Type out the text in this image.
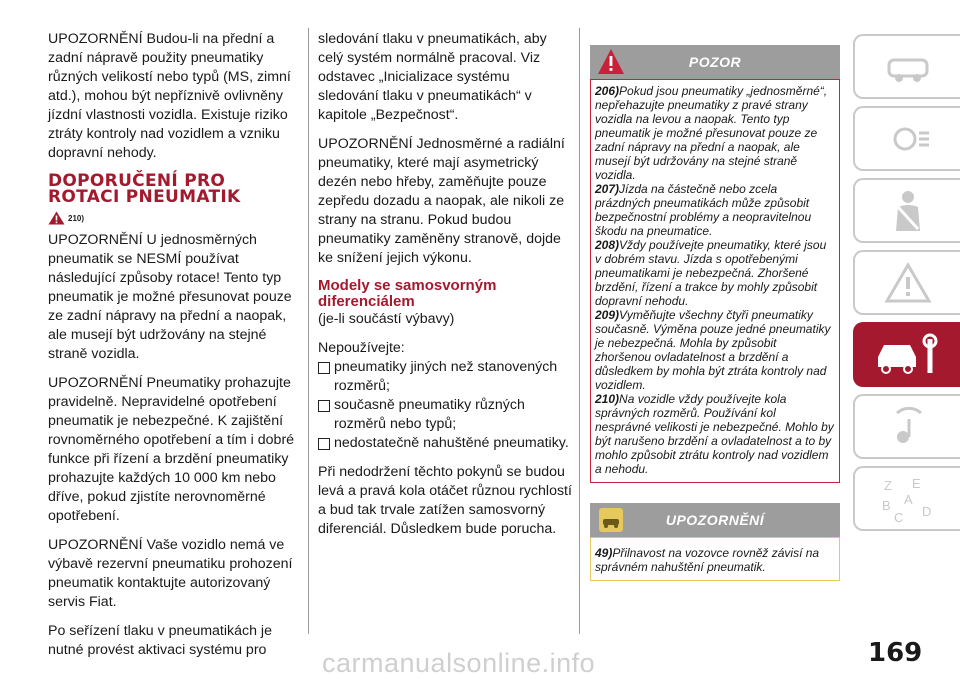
UPOZORNĚNÍ Budou-li na přední a zadní nápravě použity pneumatiky různých velikostí nebo typů (MS, zimní atd.), mohou být nepříznivě ovlivněny jízdní vlastnosti vozidla. Existuje riziko ztráty kontroly nad vozidlem a vzniku dopravní nehody.

DOPORUČENÍ PRO
ROTACI PNEUMATIK
210)

UPOZORNĚNÍ U jednosměrných pneumatik se NESMÍ používat následující způsoby rotace! Tento typ pneumatik je možné přesunovat pouze ze zadní nápravy na přední a naopak, ale musejí být udržovány na stejné straně vozidla.

UPOZORNĚNÍ Pneumatiky prohazujte pravidelně. Nepravidelné opotřebení pneumatik je nebezpečné. K zajištění rovnoměrného opotřebení a tím i dobré funkce při řízení a brzdění pneumatiky prohazujte každých 10 000 km nebo dříve, pokud zjistíte nerovnoměrné opotřebení.

UPOZORNĚNÍ Vaše vozidlo nemá ve výbavě rezervní pneumatiku prohození pneumatik kontaktujte autorizovaný servis Fiat.

Po seřízení tlaku v pneumatikách je nutné provést aktivaci systému pro

sledování tlaku v pneumatikách, aby celý systém normálně pracoval. Viz odstavec „Inicializace systému sledování tlaku v pneumatikách“ v kapitole „Bezpečnost“.

UPOZORNĚNÍ Jednosměrné a radiální pneumatiky, které mají asymetrický dezén nebo hřeby, zaměňujte pouze zepředu dozadu a naopak, ale nikoli ze strany na stranu. Pokud budou pneumatiky zaměněny stranově, dojde ke snížení jejich výkonu.

Modely se samosvorným
diferenciálem

(je-li součástí výbavy)

Nepoužívejte:

pneumatiky jiných než stanovených rozměrů;

současně pneumatiky různých rozměrů nebo typů;

nedostatečně nahuštěné pneumatiky.

Při nedodržení těchto pokynů se budou levá a pravá kola otáčet různou rychlostí a bud tak trvale zatížen samosvorný diferenciál. Důsledkem bude porucha.

POZOR
206)Pokud jsou pneumatiky „jednosměrné“, nepřehazujte pneumatiky z pravé strany vozidla na levou a naopak. Tento typ pneumatik je možné přesunovat pouze ze zadní nápravy na přední a naopak, ale musejí být udržovány na stejné straně vozidla.
207)Jízda na částečně nebo zcela prázdných pneumatikách může způsobit bezpečnostní problémy a neopravitelnou škodu na pneumatice.
208)Vždy používejte pneumatiky, které jsou v dobrém stavu. Jízda s opotřebenými pneumatikami je nebezpečná. Zhoršené brzdění, řízení a trakce by mohly způsobit dopravní nehodu.
209)Vyměňujte všechny čtyři pneumatiky současně. Výměna pouze jedné pneumatiky je nebezpečná. Mohla by způsobit zhoršenou ovladatelnost a brzdění a důsledkem by mohla být ztráta kontroly nad vozidlem.
210)Na vozidle vždy používejte kola správných rozměrů. Používání kol nesprávné velikosti je nebezpečné. Mohlo by být narušeno brzdění a ovladatelnost a to by mohlo způsobit ztrátu kontroly nad vozidlem a nehodu.
UPOZORNĚNÍ
49)Přilnavost na vozovce rovněž závisí na správném nahuštění pneumatik.
Z E
B A
C D
169
carmanualsonline.info
